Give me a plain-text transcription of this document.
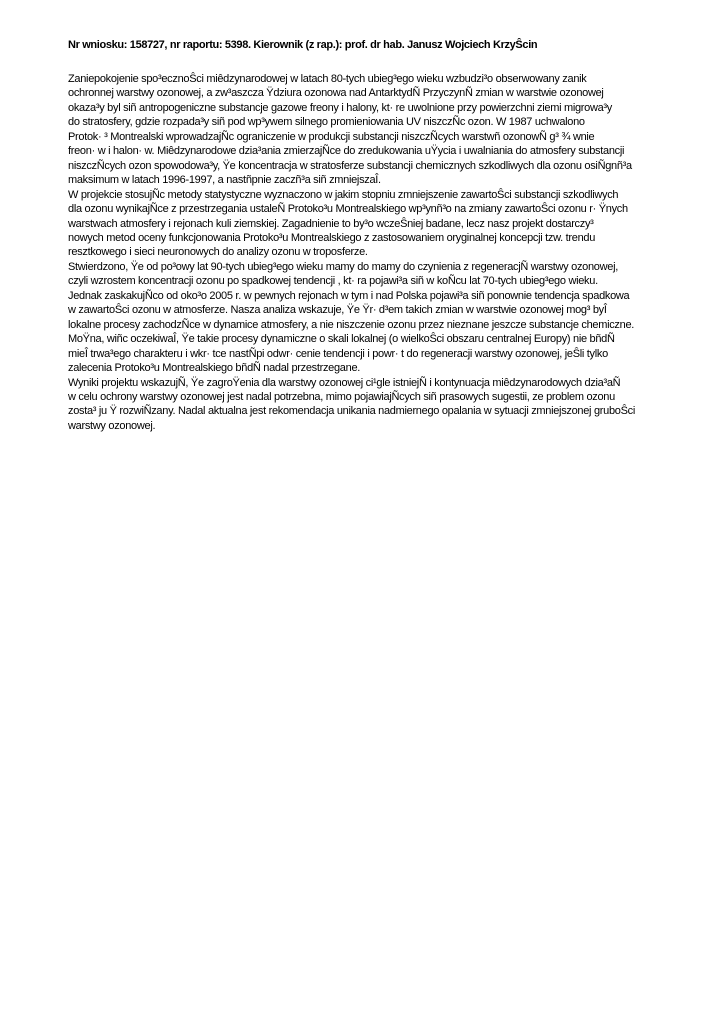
Nr wniosku: 158727, nr raportu: 5398. Kierownik (z rap.): prof. dr hab. Janusz Wojciech KrzyŜcin
Zaniepokojenie spo³ecznoŜci miêdzynarodowej w latach 80-tych ubieg³ego wieku wzbudzi³o obserwowany zanik
ochronnej warstwy ozonowej, a zw³aszcza Ÿdziura ozonowa nad AntarktydÑ PrzyczynÑ zmian w warstwie ozonowej
okaza³y byl siñ antropogeniczne substancje gazowe freony i halony, kt· re uwolnione przy powierzchni ziemi migrowa³y
do stratosfery, gdzie rozpada³y siñ pod wp³ywem silnego promieniowania UV niszczÑc ozon. W 1987 uchwalono
Protok· ³ Montrealski wprowadzajÑc ograniczenie w produkcji substancji niszczÑcych warstwñ ozonowÑ g³ ¾ wnie
freon· w i halon· w. Miêdzynarodowe dzia³ania zmierzajÑce do zredukowania uŸycia i uwalniania do atmosfery substancji
niszczÑcych ozon spowodowa³y, Ÿe koncentracja w stratosferze substancji chemicznych szkodliwych dla ozonu osiÑgnñ³a
maksimum w latach 1996-1997, a nastñpnie zaczñ³a siñ zmniejszaÎ.
W projekcie stosujÑc metody statystyczne wyznaczono w jakim stopniu zmniejszenie zawartoŜci substancji szkodliwych
dla ozonu wynikajÑce z przestrzegania ustaleÑ Protoko³u Montrealskiego wp³ynñ³o na zmiany zawartoŜci ozonu r· Ÿnych
warstwach atmosfery i rejonach kuli ziemskiej. Zagadnienie to by³o wczeŜniej badane, lecz nasz projekt dostarczy³
nowych metod oceny funkcjonowania Protoko³u Montrealskiego z zastosowaniem oryginalnej koncepcji tzw. trendu
resztkowego i sieci neuronowych do analizy ozonu w troposferze.
Stwierdzono, Ÿe od po³owy lat 90-tych ubieg³ego wieku mamy do mamy do czynienia z regeneracjÑ warstwy ozonowej,
czyli wzrostem koncentracji ozonu po spadkowej tendencji , kt· ra pojawi³a siñ w koÑcu lat 70-tych ubieg³ego wieku.
Jednak zaskakujÑco od oko³o 2005 r. w pewnych rejonach w tym i nad Polska pojawi³a siñ ponownie tendencja spadkowa
w zawartoŜci ozonu w atmosferze. Nasza analiza wskazuje, Ÿe Ÿr· d³em takich zmian w warstwie ozonowej mog³ byÎ
lokalne procesy zachodzÑce w dynamice atmosfery, a nie niszczenie ozonu przez nieznane jeszcze substancje chemiczne.
MoŸna, wiñc oczekiwaÎ, Ÿe takie procesy dynamiczne o skali lokalnej (o wielkoŜci obszaru centralnej Europy) nie bñdÑ
mieÎ trwa³ego charakteru i wkr· tce nastÑpi odwr· cenie tendencji i powr· t do regeneracji warstwy ozonowej, jeŜli tylko
zalecenia Protoko³u Montrealskiego bñdÑ nadal przestrzegane.
Wyniki projektu wskazujÑ, Ÿe zagroŸenia dla warstwy ozonowej ci¹gle istniejÑ i kontynuacja miêdzynarodowych dzia³aÑ
w celu ochrony warstwy ozonowej jest nadal potrzebna, mimo pojawiajÑcych siñ prasowych sugestii, ze problem ozonu
zosta³ ju Ÿ rozwiÑzany. Nadal aktualna jest rekomendacja unikania nadmiernego opalania w sytuacji zmniejszonej gruboŜci
warstwy ozonowej.
